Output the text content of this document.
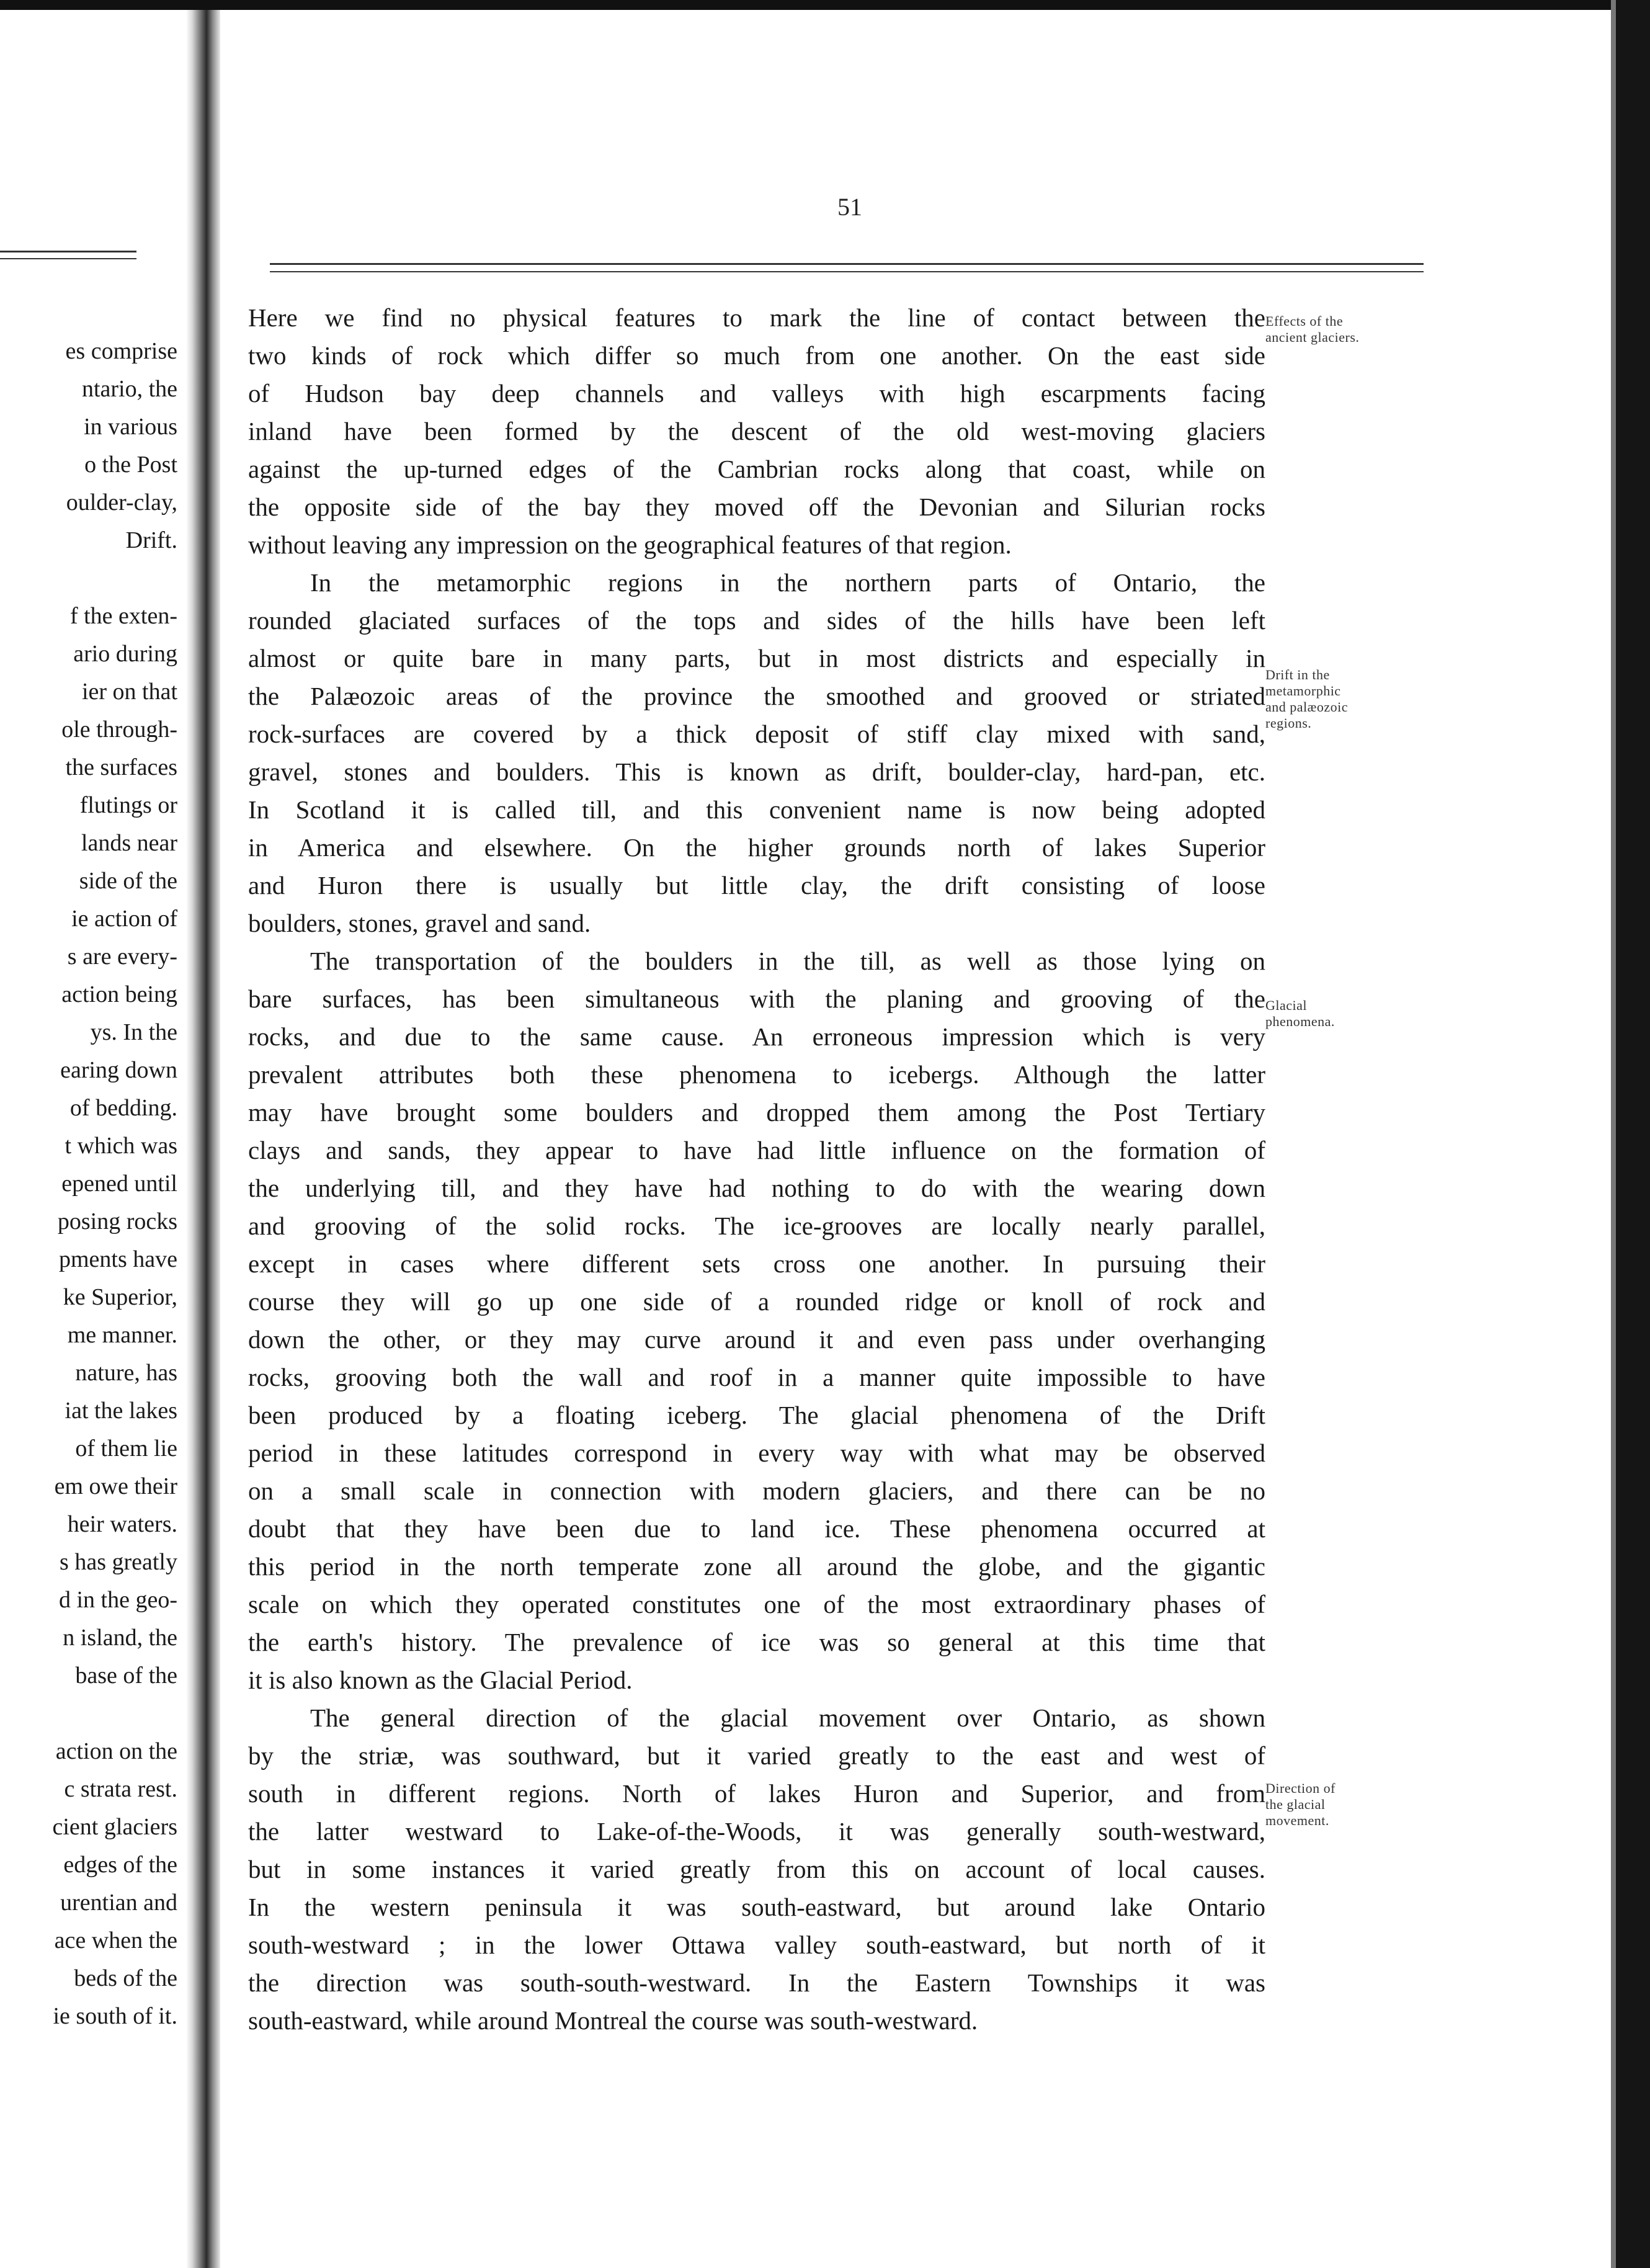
es comprise
ntario, the
in various
o the Post
oulder-clay,
Drift.
f the exten-
ario during
ier on that
ole through-
the surfaces
flutings or
lands near
side of the
ie action of
s are every-
action being
ys. In the
earing down
of bedding.
t which was
epened until
posing rocks
pments have
ke Superior,
me manner.
nature, has
iat the lakes
of them lie
em owe their
heir waters.
s has greatly
d in the geo-
n island, the
base of the
action on the
c strata rest.
cient glaciers
edges of the
urentian and
ace when the
beds of the
ie south of it.
51
Here we find no physical features to mark the line of contact between the
two kinds of rock which differ so much from one another. On the east side
of Hudson bay deep channels and valleys with high escarpments facing
inland have been formed by the descent of the old west-moving glaciers
against the up-turned edges of the Cambrian rocks along that coast, while on
the opposite side of the bay they moved off the Devonian and Silurian rocks
without leaving any impression on the geographical features of that region.
In the metamorphic regions in the northern parts of Ontario, the
rounded glaciated surfaces of the tops and sides of the hills have been left
almost or quite bare in many parts, but in most districts and especially in
the Palæozoic areas of the province the smoothed and grooved or striated
rock-surfaces are covered by a thick deposit of stiff clay mixed with sand,
gravel, stones and boulders. This is known as drift, boulder-clay, hard-pan, etc.
In Scotland it is called till, and this convenient name is now being adopted
in America and elsewhere. On the higher grounds north of lakes Superior
and Huron there is usually but little clay, the drift consisting of loose
boulders, stones, gravel and sand.
The transportation of the boulders in the till, as well as those lying on
bare surfaces, has been simultaneous with the planing and grooving of the
rocks, and due to the same cause. An erroneous impression which is very
prevalent attributes both these phenomena to icebergs. Although the latter
may have brought some boulders and dropped them among the Post Tertiary
clays and sands, they appear to have had little influence on the formation of
the underlying till, and they have had nothing to do with the wearing down
and grooving of the solid rocks. The ice-grooves are locally nearly parallel,
except in cases where different sets cross one another. In pursuing their
course they will go up one side of a rounded ridge or knoll of rock and
down the other, or they may curve around it and even pass under overhanging
rocks, grooving both the wall and roof in a manner quite impossible to have
been produced by a floating iceberg. The glacial phenomena of the Drift
period in these latitudes correspond in every way with what may be observed
on a small scale in connection with modern glaciers, and there can be no
doubt that they have been due to land ice. These phenomena occurred at
this period in the north temperate zone all around the globe, and the gigantic
scale on which they operated constitutes one of the most extraordinary phases of
the earth's history. The prevalence of ice was so general at this time that
it is also known as the Glacial Period.
The general direction of the glacial movement over Ontario, as shown
by the striæ, was southward, but it varied greatly to the east and west of
south in different regions. North of lakes Huron and Superior, and from
the latter westward to Lake-of-the-Woods, it was generally south-westward,
but in some instances it varied greatly from this on account of local causes.
In the western peninsula it was south-eastward, but around lake Ontario
south-westward ; in the lower Ottawa valley south-eastward, but north of it
the direction was south-south-westward. In the Eastern Townships it was
south-eastward, while around Montreal the course was south-westward.
Effects of the
ancient glaciers.
Drift in the
metamorphic
and palæozoic
regions.
Glacial
phenomena.
Direction of
the glacial
movement.
